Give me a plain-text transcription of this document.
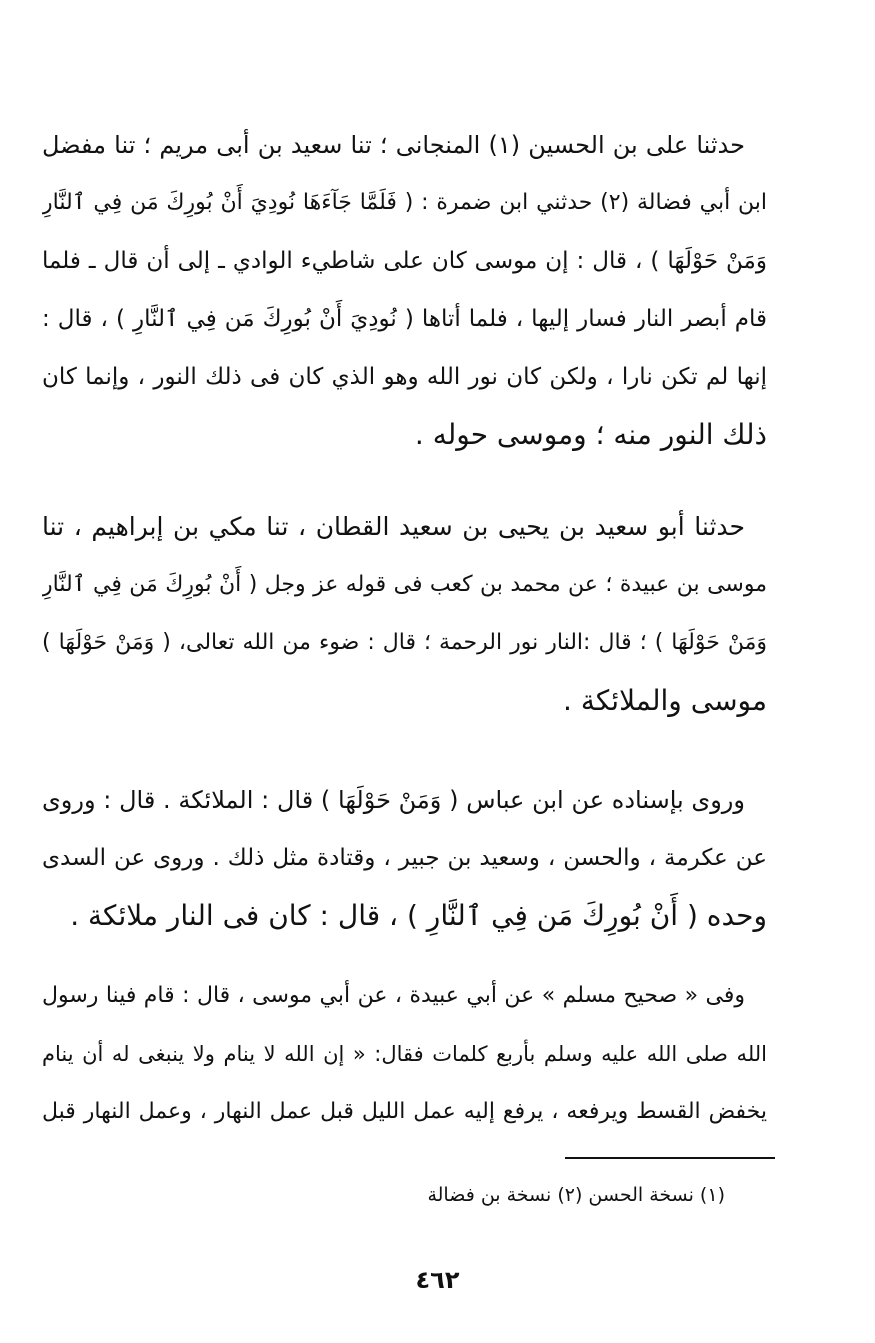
حدثنا على بن الحسين (١) المنجانى ؛ تنا سعيد بن أبى مريم ؛ تنا مفضل
ابن أبي فضالة (٢) حدثني ابن ضمرة : ( فَلَمَّا جَآءَهَا نُودِيَ أَنْ بُورِكَ مَن فِي ٱلنَّارِ
وَمَنْ حَوْلَهَا ) ، قال : إن موسى كان على شاطيء الوادي ـ إلى أن قال ـ فلما
قام أبصر النار فسار إليها ، فلما أتاها ( نُودِيَ أَنْ بُورِكَ مَن فِي ٱلنَّارِ ) ، قال :
إنها لم تكن نارا ، ولكن كان نور الله وهو الذي كان فى ذلك النور ، وإنما كان
ذلك النور منه ؛ وموسى حوله .
حدثنا أبو سعيد بن يحيى بن سعيد القطان ، تنا مكي بن إبراهيم ، تنا
موسى بن عبيدة ؛ عن محمد بن كعب فى قوله عز وجل ( أَنْ بُورِكَ مَن فِي ٱلنَّارِ
وَمَنْ حَوْلَهَا ) ؛ قال :النار نور الرحمة ؛ قال : ضوء من الله تعالى، ( وَمَنْ حَوْلَهَا )
موسى والملائكة .
وروى بإسناده عن ابن عباس ( وَمَنْ حَوْلَهَا ) قال : الملائكة . قال : وروى
عن عكرمة ، والحسن ، وسعيد بن جبير ، وقتادة مثل ذلك . وروى عن السدى
وحده ( أَنْ بُورِكَ مَن فِي ٱلنَّارِ ) ، قال : كان فى النار ملائكة .
وفى « صحيح مسلم » عن أبي عبيدة ، عن أبي موسى ، قال : قام فينا رسول
الله صلى الله عليه وسلم بأربع كلمات فقال: « إن الله لا ينام ولا ينبغى له أن ينام
يخفض القسط ويرفعه ، يرفع إليه عمل الليل قبل عمل النهار ، وعمل النهار قبل
(١) نسخة الحسن (٢) نسخة بن فضالة
٤٦٢
